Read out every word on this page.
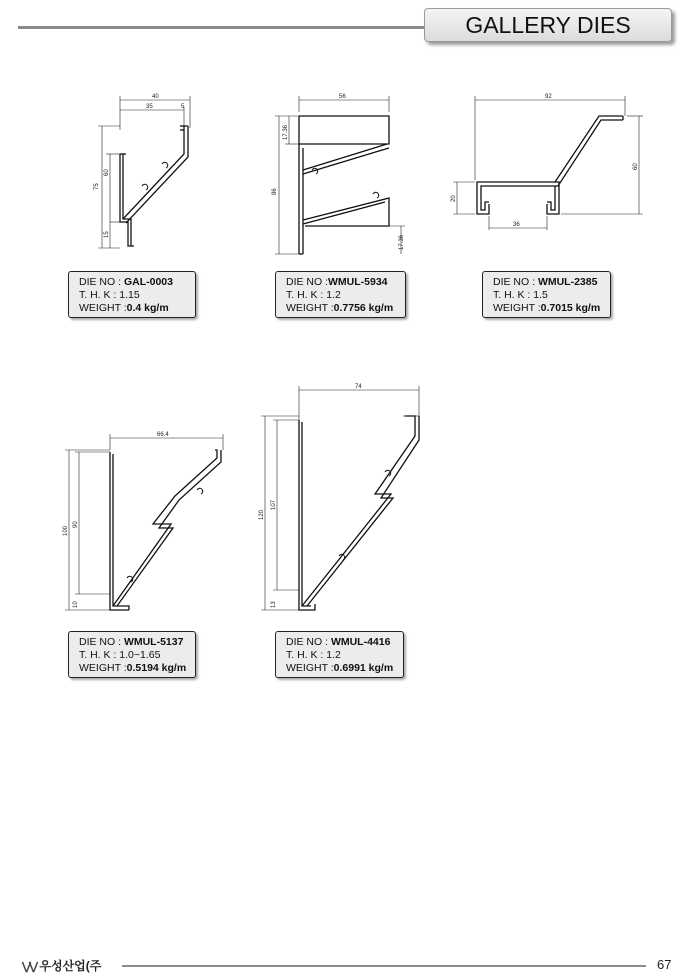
GALLERY DIES
40
35	5
75
60
15
56
17.36
86
17.36
92
60
20
36
66.4
100
90
10
74
120
107
13
DIE NO : GAL-0003
T. H. K : 1.15
WEIGHT :0.4 kg/m
DIE NO :WMUL-5934
T. H. K : 1.2
WEIGHT :0.7756 kg/m
DIE NO : WMUL-2385
T. H. K : 1.5
WEIGHT :0.7015 kg/m
DIE NO : WMUL-5137
T. H. K : 1.0~1.65
WEIGHT :0.5194 kg/m
DIE NO : WMUL-4416
T. H. K : 1.2
WEIGHT :0.6991 kg/m
⋁⋁ 우성산업(주	67
